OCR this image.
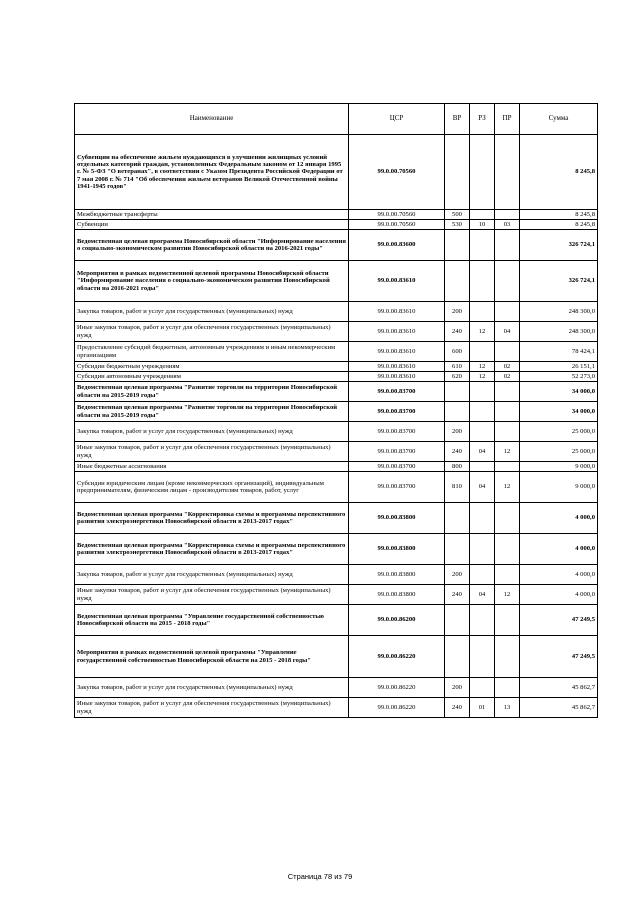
Наименование	ЦСР	ВР	РЗ	ПР	Сумма
Субвенции на обеспечение жильем нуждающихся в улучшении жилищных условий отдельных категорий граждан, установленных Федеральным законом от 12 января 1995 г. № 5-ФЗ "О ветеранах", в соответствии с Указом Президента Российской Федерации от 7 мая 2008 г. № 714 "Об обеспечении жильем ветеранов Великой Отечественной войны 1941-1945 годов"	99.0.00.70560				8 245,8
Межбюджетные трансферты	99.0.00.70560	500			8 245,8
Субвенции	99.0.00.70560	530	10	03	8 245,8
Ведомственная целевая программа Новосибирской области "Информирование населения о социально-экономическом развитии Новосибирской области на 2016-2021 годы"	99.0.00.83600				326 724,1
Мероприятия в рамках ведомственной целевой программы Новосибирской области "Информирование населения о социально-экономическом развитии Новосибирской области на 2016-2021 годы"	99.0.00.83610				326 724,1
Закупка товаров, работ и услуг для государственных (муниципальных) нужд	99.0.00.83610	200			248 300,0
Иные закупки товаров, работ и услуг для обеспечения государственных (муниципальных) нужд	99.0.00.83610	240	12	04	248 300,0
Предоставление субсидий бюджетным, автономным учреждениям и иным некоммерческим организациям	99.0.00.83610	600			78 424,1
Субсидии бюджетным учреждениям	99.0.00.83610	610	12	02	26 151,1
Субсидии автономным учреждениям	99.0.00.83610	620	12	02	52 273,0
Ведомственная целевая программа "Развитие торговли на территории Новосибирской области на 2015-2019 годы"	99.0.00.83700				34 000,0
Ведомственная целевая программа "Развитие торговли на территории Новосибирской области на 2015-2019 годы"	99.0.00.83700				34 000,0
Закупка товаров, работ и услуг для государственных (муниципальных) нужд	99.0.00.83700	200			25 000,0
Иные закупки товаров, работ и услуг для обеспечения государственных (муниципальных) нужд	99.0.00.83700	240	04	12	25 000,0
Иные бюджетные ассигнования	99.0.00.83700	800			9 000,0
Субсидии юридическим лицам (кроме некоммерческих организаций), индивидуальным предпринимателям, физическим лицам - производителям товаров, работ, услуг	99.0.00.83700	810	04	12	9 000,0
Ведомственная целевая программа "Корректировка схемы и программы перспективного развития электроэнергетики Новосибирской области в 2013-2017 годах"	99.0.00.83800				4 000,0
Ведомственная целевая программа "Корректировка схемы и программы перспективного развития электроэнергетики Новосибирской области в 2013-2017 годах"	99.0.00.83800				4 000,0
Закупка товаров, работ и услуг для государственных (муниципальных) нужд	99.0.00.83800	200			4 000,0
Иные закупки товаров, работ и услуг для обеспечения государственных (муниципальных) нужд	99.0.00.83800	240	04	12	4 000,0
Ведомственная целевая программа "Управление государственной собственностью Новосибирской области на 2015 - 2018 годы"	99.0.00.86200				47 249,5
Мероприятия в рамках ведомственной целевой программы "Управление государственной собственностью Новосибирской области на 2015 - 2018 годы"	99.0.00.86220				47 249,5
Закупка товаров, работ и услуг для государственных (муниципальных) нужд	99.0.00.86220	200			45 862,7
Иные закупки товаров, работ и услуг для обеспечения государственных (муниципальных) нужд	99.0.00.86220	240	01	13	45 862,7
Страница 78 из 79
